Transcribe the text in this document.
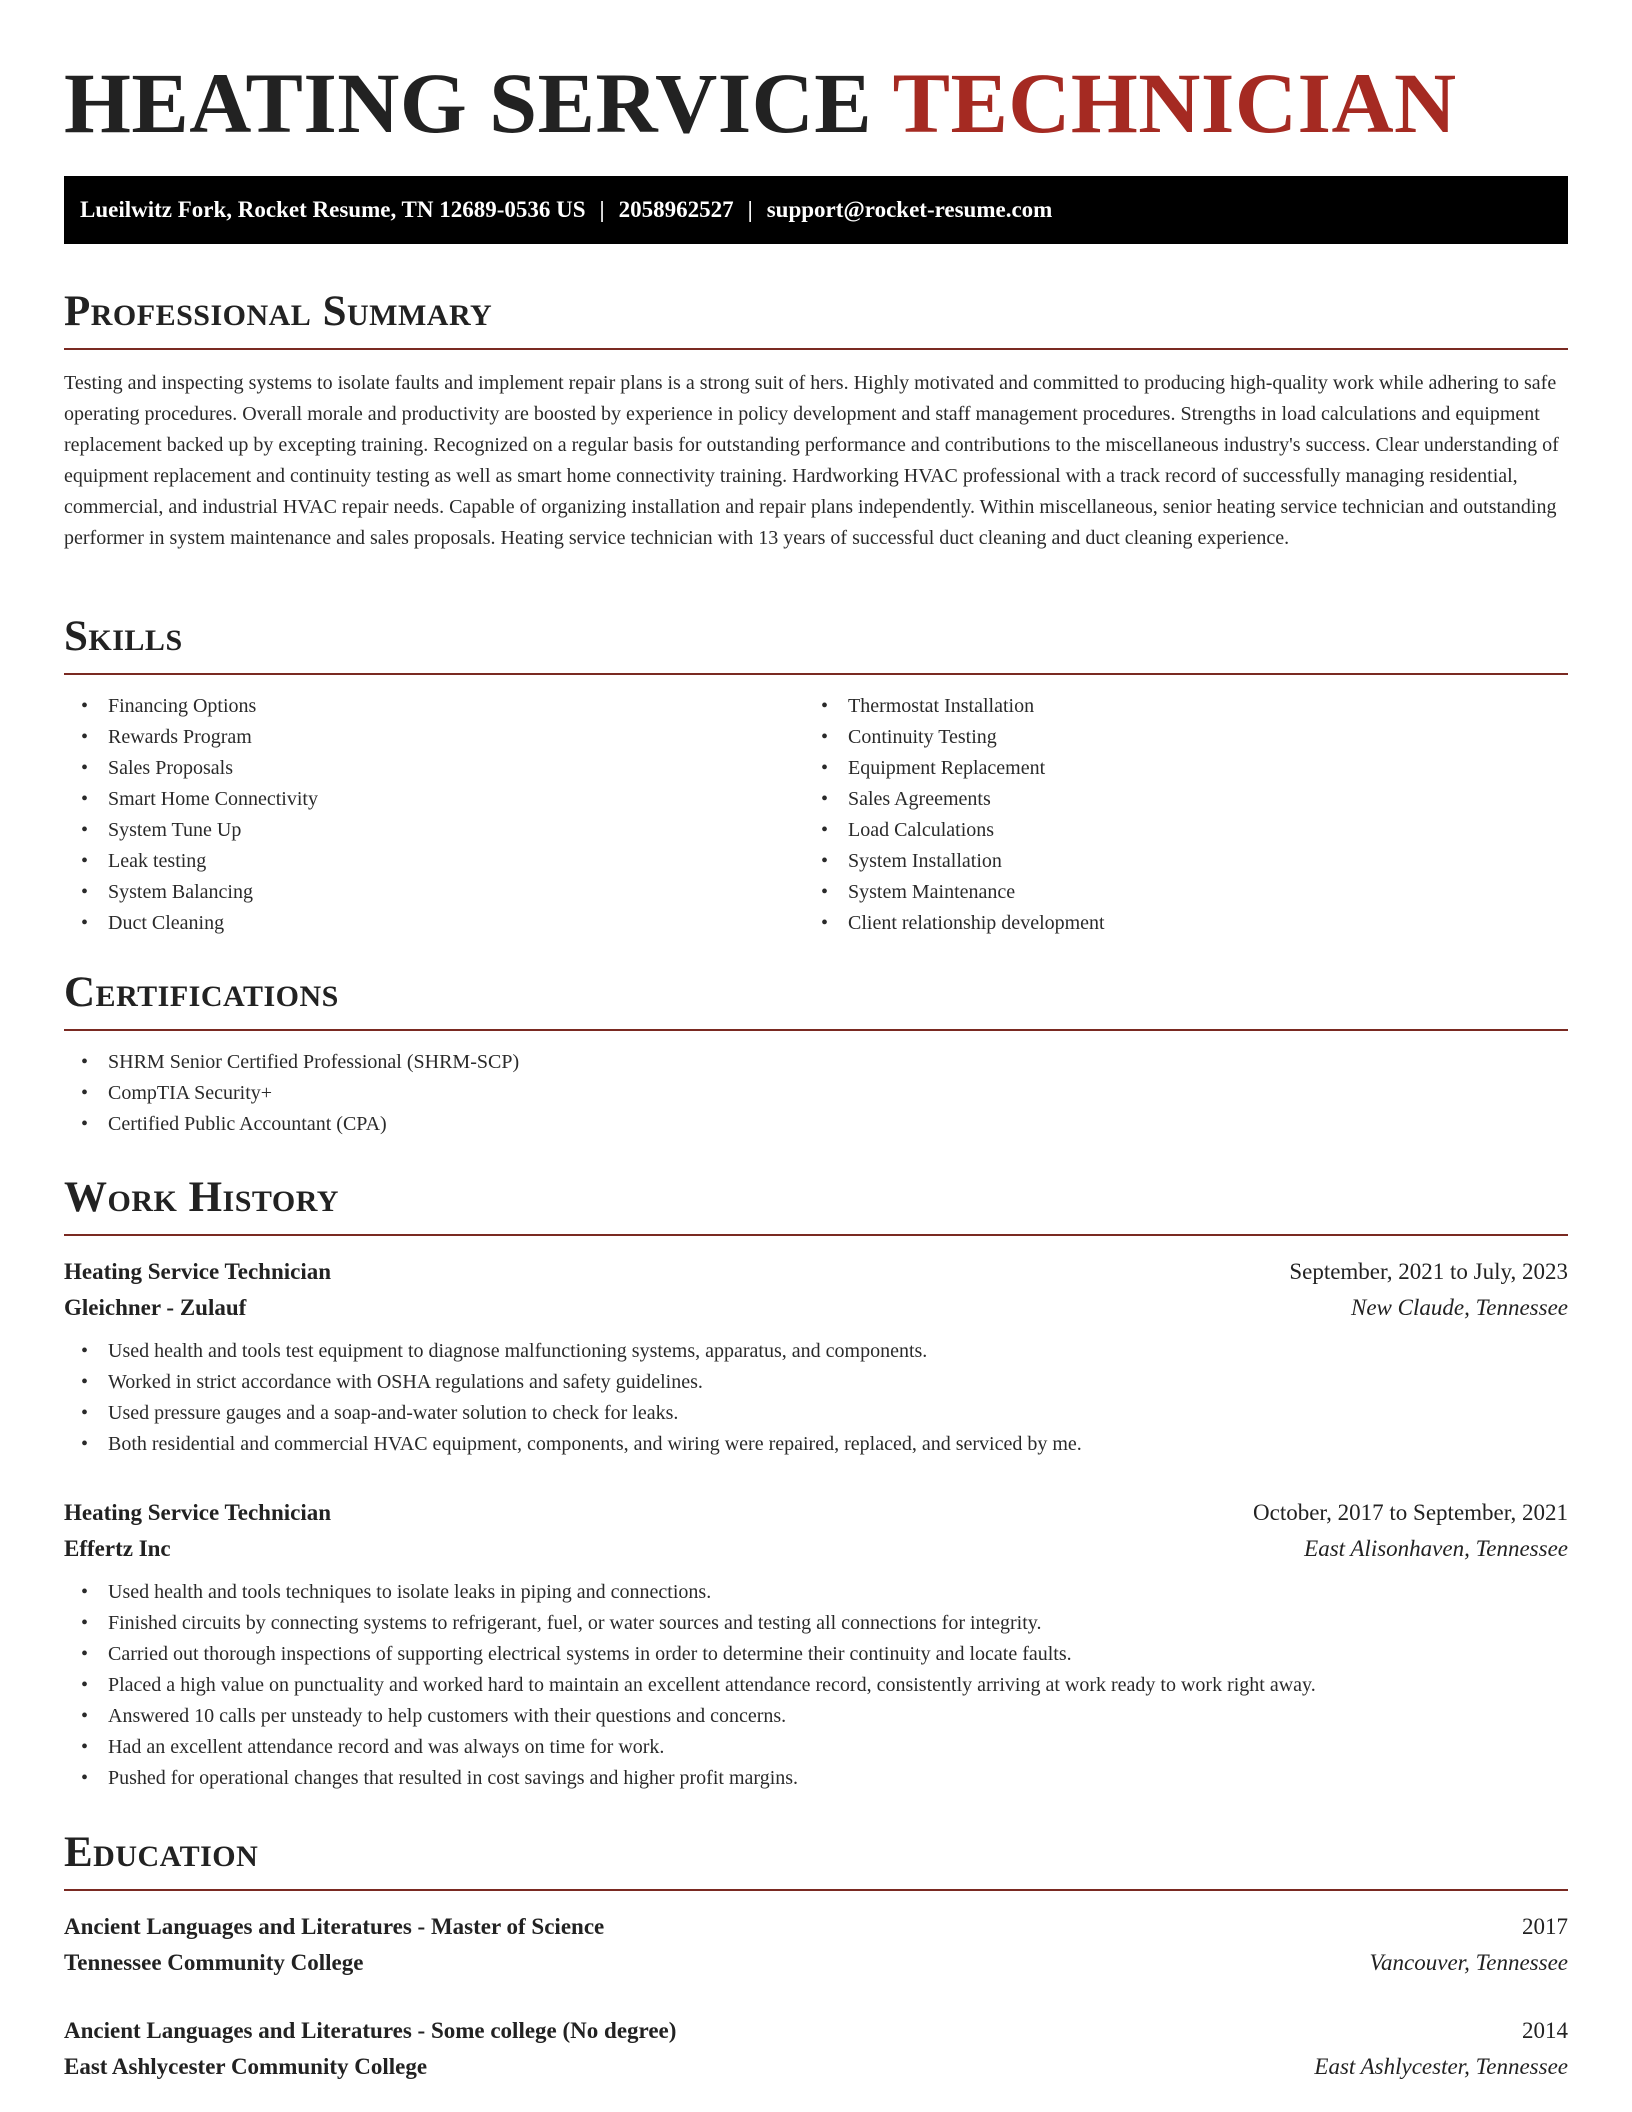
HEATING SERVICE TECHNICIAN
Lueilwitz Fork, Rocket Resume, TN 12689-0536 US | 2058962527 | support@rocket-resume.com
Professional Summary

Testing and inspecting systems to isolate faults and implement repair plans is a strong suit of hers. Highly motivated and committed to producing high-quality work while adhering to safe operating procedures. Overall morale and productivity are boosted by experience in policy development and staff management procedures. Strengths in load calculations and equipment replacement backed up by excepting training. Recognized on a regular basis for outstanding performance and contributions to the miscellaneous industry's success. Clear understanding of equipment replacement and continuity testing as well as smart home connectivity training. Hardworking HVAC professional with a track record of successfully managing residential, commercial, and industrial HVAC repair needs. Capable of organizing installation and repair plans independently. Within miscellaneous, senior heating service technician and outstanding performer in system maintenance and sales proposals. Heating service technician with 13 years of successful duct cleaning and duct cleaning experience.

Skills
• Financing Options
• Rewards Program
• Sales Proposals
• Smart Home Connectivity
• System Tune Up
• Leak testing
• System Balancing
• Duct Cleaning
• Thermostat Installation
• Continuity Testing
• Equipment Replacement
• Sales Agreements
• Load Calculations
• System Installation
• System Maintenance
• Client relationship development
Certifications
• SHRM Senior Certified Professional (SHRM-SCP)
• CompTIA Security+
• Certified Public Accountant (CPA)
Work History
Heating Service Technician	September, 2021 to July, 2023
Gleichner - Zulauf	New Claude, Tennessee
• Used health and tools test equipment to diagnose malfunctioning systems, apparatus, and components.
• Worked in strict accordance with OSHA regulations and safety guidelines.
• Used pressure gauges and a soap-and-water solution to check for leaks.
• Both residential and commercial HVAC equipment, components, and wiring were repaired, replaced, and serviced by me.
Heating Service Technician	October, 2017 to September, 2021
Effertz Inc	East Alisonhaven, Tennessee
• Used health and tools techniques to isolate leaks in piping and connections.
• Finished circuits by connecting systems to refrigerant, fuel, or water sources and testing all connections for integrity.
• Carried out thorough inspections of supporting electrical systems in order to determine their continuity and locate faults.
• Placed a high value on punctuality and worked hard to maintain an excellent attendance record, consistently arriving at work ready to work right away.
• Answered 10 calls per unsteady to help customers with their questions and concerns.
• Had an excellent attendance record and was always on time for work.
• Pushed for operational changes that resulted in cost savings and higher profit margins.
Education
Ancient Languages and Literatures - Master of Science	2017
Tennessee Community College	Vancouver, Tennessee
Ancient Languages and Literatures - Some college (No degree)	2014
East Ashlycester Community College	East Ashlycester, Tennessee
